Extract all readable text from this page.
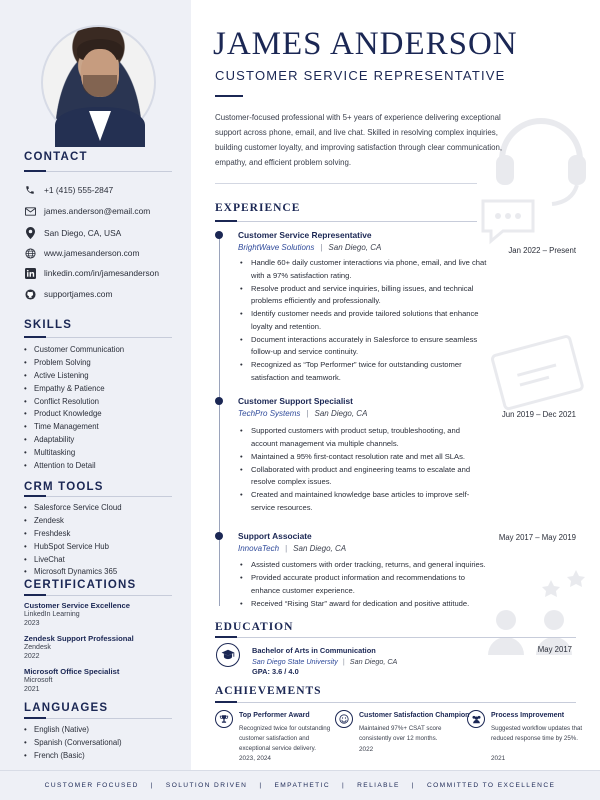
CONTACT
+1 (415) 555-2847
james.anderson@email.com
San Diego, CA, USA
www.jamesanderson.com
linkedin.com/in/jamesanderson
supportjames.com
SKILLS
• Customer Communication
• Problem Solving
• Active Listening
• Empathy & Patience
• Conflict Resolution
• Product Knowledge
• Time Management
• Adaptability
• Multitasking
• Attention to Detail
CRM TOOLS
• Salesforce Service Cloud
• Zendesk
• Freshdesk
• HubSpot Service Hub
• LiveChat
• Microsoft Dynamics 365
CERTIFICATIONS
Customer Service Excellence
LinkedIn Learning
2023
Zendesk Support Professional
Zendesk
2022
Microsoft Office Specialist
Microsoft
2021
LANGUAGES
• English (Native)
• Spanish (Conversational)
• French (Basic)
JAMES ANDERSON
CUSTOMER SERVICE REPRESENTATIVE
Customer-focused professional with 5+ years of experience delivering exceptional support across phone, email, and live chat. Skilled in resolving complex inquiries, building customer loyalty, and improving satisfaction through clear communication, empathy, and efficient problem solving.
EXPERIENCE
Customer Service Representative
BrightWave Solutions | San Diego, CA	Jan 2022 – Present
• Handle 60+ daily customer interactions via phone, email, and live chat with a 97% satisfaction rating.
• Resolve product and service inquiries, billing issues, and technical problems efficiently and professionally.
• Identify customer needs and provide tailored solutions that enhance loyalty and retention.
• Document interactions accurately in Salesforce to ensure seamless follow-up and service continuity.
• Recognized as “Top Performer” twice for outstanding customer satisfaction and teamwork.
Customer Support Specialist
TechPro Systems | San Diego, CA	Jun 2019 – Dec 2021
• Supported customers with product setup, troubleshooting, and account management via multiple channels.
• Maintained a 95% first-contact resolution rate and met all SLAs.
• Collaborated with product and engineering teams to escalate and resolve complex issues.
• Created and maintained knowledge base articles to improve self-service resources.
Support Associate
InnovaTech | San Diego, CA
May 2017 – May 2019
• Assisted customers with order tracking, returns, and general inquiries.
• Provided accurate product information and recommendations to enhance customer experience.
• Received “Rising Star” award for dedication and positive attitude.
EDUCATION
Bachelor of Arts in Communication
San Diego State University | San Diego, CA
GPA: 3.6 / 4.0
May 2017
ACHIEVEMENTS
Top Performer Award
Recognized twice for outstanding customer satisfaction and exceptional service delivery.
2023, 2024
Customer Satisfaction Champion
Maintained 97%+ CSAT score consistently over 12 months.
2022
Process Improvement
Suggested workflow updates that reduced response time by 25%.
2021
CUSTOMER FOCUSED | SOLUTION DRIVEN | EMPATHETIC | RELIABLE | COMMITTED TO EXCELLENCE
